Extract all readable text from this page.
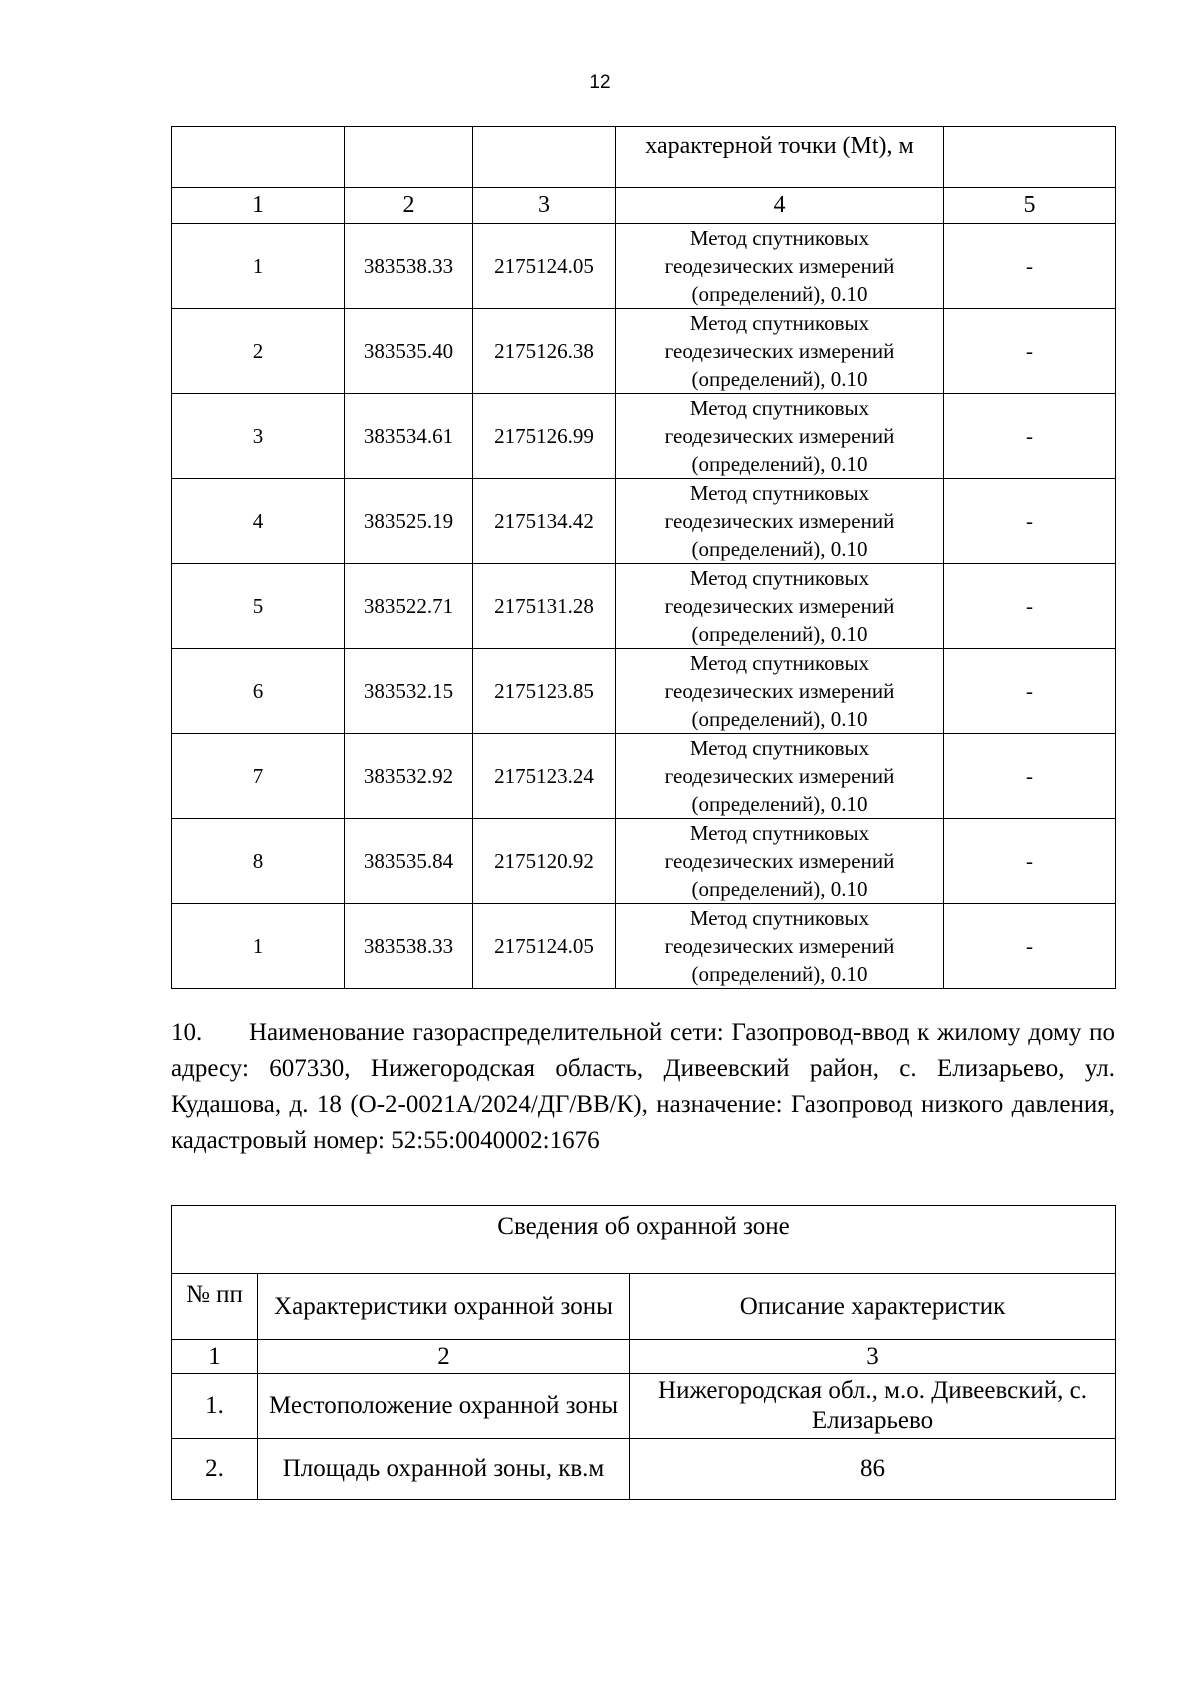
12
			характерной точки (Mt), м	
1	2	3	4	5
1	383538.33	2175124.05	Метод спутниковых
геодезических измерений
(определений), 0.10	-
2	383535.40	2175126.38	Метод спутниковых
геодезических измерений
(определений), 0.10	-
3	383534.61	2175126.99	Метод спутниковых
геодезических измерений
(определений), 0.10	-
4	383525.19	2175134.42	Метод спутниковых
геодезических измерений
(определений), 0.10	-
5	383522.71	2175131.28	Метод спутниковых
геодезических измерений
(определений), 0.10	-
6	383532.15	2175123.85	Метод спутниковых
геодезических измерений
(определений), 0.10	-
7	383532.92	2175123.24	Метод спутниковых
геодезических измерений
(определений), 0.10	-
8	383535.84	2175120.92	Метод спутниковых
геодезических измерений
(определений), 0.10	-
1	383538.33	2175124.05	Метод спутниковых
геодезических измерений
(определений), 0.10	-
10. Наименование газораспределительной сети: Газопровод-ввод к жилому дому по адресу: 607330, Нижегородская область, Дивеевский район, с. Елизарьево, ул. Кудашова, д. 18 (О-2-0021А/2024/ДГ/ВВ/К), назначение: Газопровод низкого давления, кадастровый номер: 52:55:0040002:1676
Сведения об охранной зоне		
№ пп	Характеристики охранной зоны	Описание характеристик
1	2	3
1.	Местоположение охранной зоны	Нижегородская обл., м.о. Дивеевский, с. Елизарьево
2.	Площадь охранной зоны, кв.м	86
